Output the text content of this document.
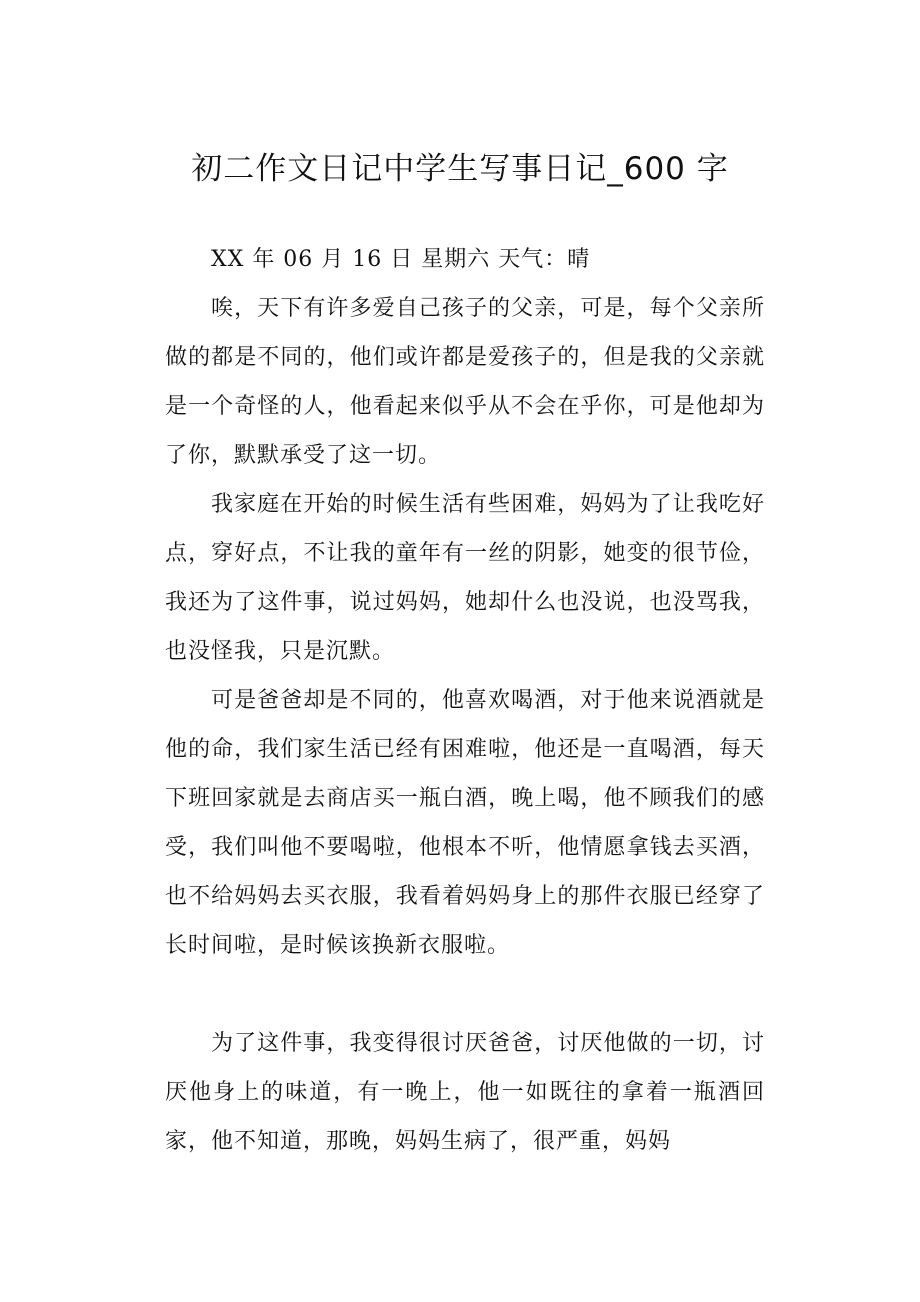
初二作文日记中学生写事日记_600 字

XX 年 06 月 16 日 星期六 天气：晴

唉，天下有许多爱自己孩子的父亲，可是，每个父亲所做的都是不同的，他们或许都是爱孩子的，但是我的父亲就是一个奇怪的人，他看起来似乎从不会在乎你，可是他却为了你，默默承受了这一切。

我家庭在开始的时候生活有些困难，妈妈为了让我吃好点，穿好点，不让我的童年有一丝的阴影，她变的很节俭，我还为了这件事，说过妈妈，她却什么也没说，也没骂我，也没怪我，只是沉默。

可是爸爸却是不同的，他喜欢喝酒，对于他来说酒就是他的命，我们家生活已经有困难啦，他还是一直喝酒，每天下班回家就是去商店买一瓶白酒，晚上喝，他不顾我们的感受，我们叫他不要喝啦，他根本不听，他情愿拿钱去买酒，也不给妈妈去买衣服，我看着妈妈身上的那件衣服已经穿了长时间啦，是时候该换新衣服啦。

为了这件事，我变得很讨厌爸爸，讨厌他做的一切，讨厌他身上的味道，有一晚上，他一如既往的拿着一瓶酒回家，他不知道，那晚，妈妈生病了，很严重，妈妈
